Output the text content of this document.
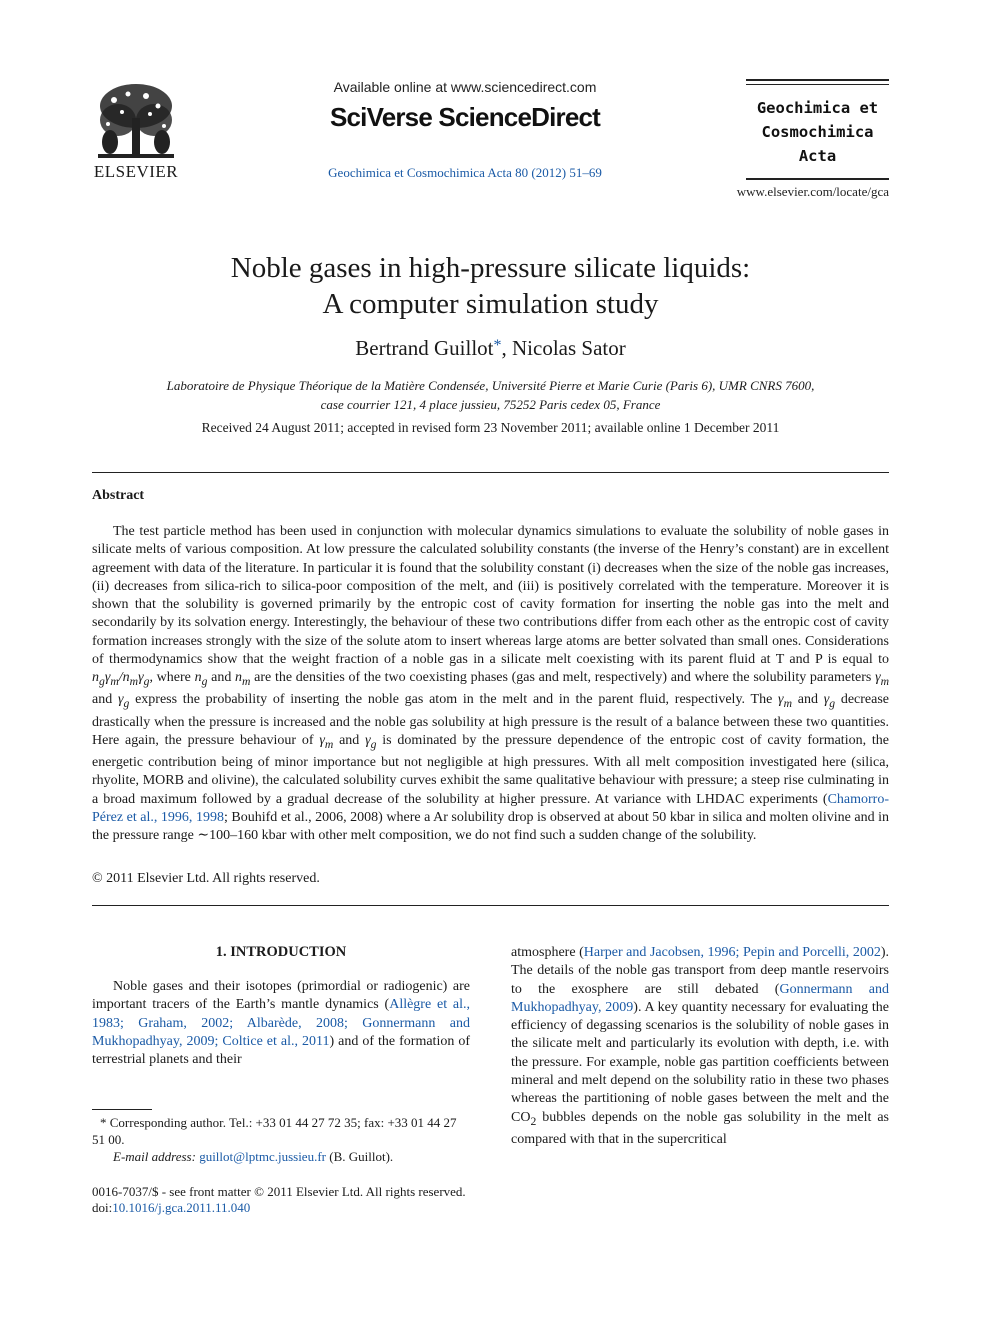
ELSEVIER
Available online at www.sciencedirect.com
SciVerse ScienceDirect
Geochimica et Cosmochimica Acta 80 (2012) 51–69
Geochimica et
Cosmochimica
Acta
www.elsevier.com/locate/gca
Noble gases in high-pressure silicate liquids:
A computer simulation study
Bertrand Guillot*, Nicolas Sator
Laboratoire de Physique Théorique de la Matière Condensée, Université Pierre et Marie Curie (Paris 6), UMR CNRS 7600,
case courrier 121, 4 place jussieu, 75252 Paris cedex 05, France
Received 24 August 2011; accepted in revised form 23 November 2011; available online 1 December 2011
Abstract
The test particle method has been used in conjunction with molecular dynamics simulations to evaluate the solubility of noble gases in silicate melts of various composition. At low pressure the calculated solubility constants (the inverse of the Henry’s constant) are in excellent agreement with data of the literature. In particular it is found that the solubility constant (i) decreases when the size of the noble gas increases, (ii) decreases from silica-rich to silica-poor composition of the melt, and (iii) is positively correlated with the temperature. Moreover it is shown that the solubility is governed primarily by the entropic cost of cavity formation for inserting the noble gas into the melt and secondarily by its solvation energy. Interestingly, the behaviour of these two contributions differ from each other as the entropic cost of cavity formation increases strongly with the size of the solute atom to insert whereas large atoms are better solvated than small ones. Considerations of thermodynamics show that the weight fraction of a noble gas in a silicate melt coexisting with its parent fluid at T and P is equal to $n_g\gamma_m/n_m\gamma_g$, where $n_g$ and $n_m$ are the densities of the two coexisting phases (gas and melt, respectively) and where the solubility parameters $\gamma_m$ and $\gamma_g$ express the probability of inserting the noble gas atom in the melt and in the parent fluid, respectively. The $\gamma_m$ and $\gamma_g$ decrease drastically when the pressure is increased and the noble gas solubility at high pressure is the result of a balance between these two quantities. Here again, the pressure behaviour of $\gamma_m$ and $\gamma_g$ is dominated by the pressure dependence of the entropic cost of cavity formation, the energetic contribution being of minor importance but not negligible at high pressures. With all melt composition investigated here (silica, rhyolite, MORB and olivine), the calculated solubility curves exhibit the same qualitative behaviour with pressure; a steep rise culminating in a broad maximum followed by a gradual decrease of the solubility at higher pressure. At variance with LHDAC experiments (Chamorro-Pérez et al., 1996, 1998; Bouhifd et al., 2006, 2008) where a Ar solubility drop is observed at about 50 kbar in silica and molten olivine and in the pressure range ∼100–160 kbar with other melt composition, we do not find such a sudden change of the solubility.
© 2011 Elsevier Ltd. All rights reserved.
1. INTRODUCTION
Noble gases and their isotopes (primordial or radiogenic) are important tracers of the Earth’s mantle dynamics (Allègre et al., 1983; Graham, 2002; Albarède, 2008; Gonnermann and Mukhopadhyay, 2009; Coltice et al., 2011) and of the formation of terrestrial planets and their
atmosphere (Harper and Jacobsen, 1996; Pepin and Porcelli, 2002). The details of the noble gas transport from deep mantle reservoirs to the exosphere are still debated (Gonnermann and Mukhopadhyay, 2009). A key quantity necessary for evaluating the efficiency of degassing scenarios is the solubility of noble gases in the silicate melt and particularly its evolution with depth, i.e. with the pressure. For example, noble gas partition coefficients between mineral and melt depend on the solubility ratio in these two phases whereas the partitioning of noble gases between the melt and the $CO_2$ bubbles depends on the noble gas solubility in the melt as compared with that in the supercritical
* Corresponding author. Tel.: +33 01 44 27 72 35; fax: +33 01 44 27 51 00.
E-mail address: guillot@lptmc.jussieu.fr (B. Guillot).
0016-7037/$ - see front matter © 2011 Elsevier Ltd. All rights reserved.
doi:10.1016/j.gca.2011.11.040
